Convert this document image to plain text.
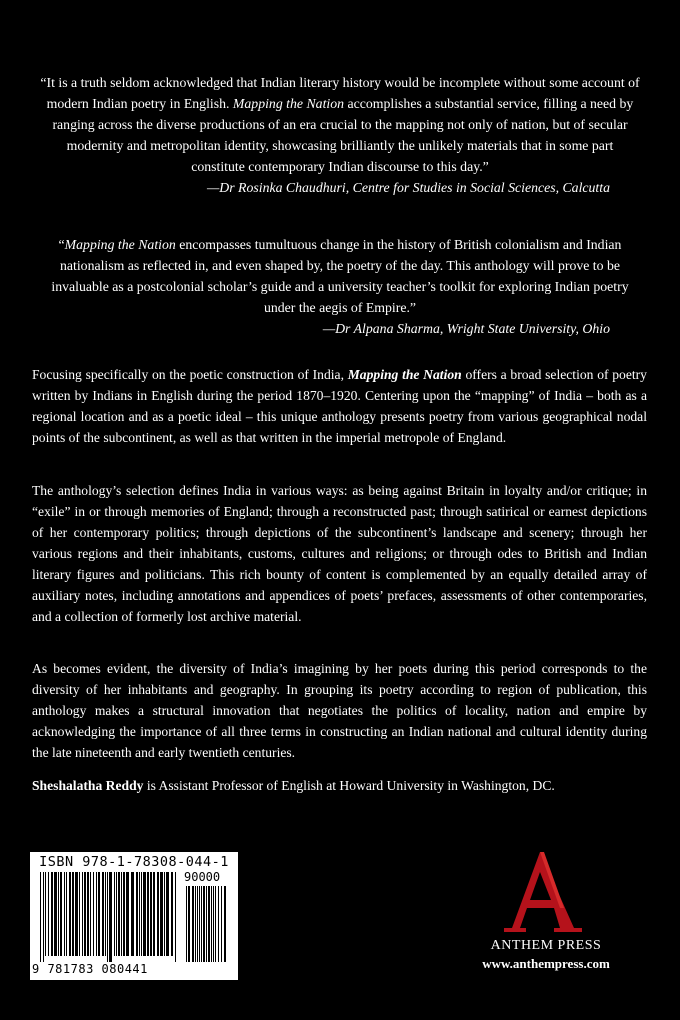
“It is a truth seldom acknowledged that Indian literary history would be incomplete without some account of modern Indian poetry in English. Mapping the Nation accomplishes a substantial service, filling a need by ranging across the diverse productions of an era crucial to the mapping not only of nation, but of secular modernity and metropolitan identity, showcasing brilliantly the unlikely materials that in some part constitute contemporary Indian discourse to this day.”
—Dr Rosinka Chaudhuri, Centre for Studies in Social Sciences, Calcutta
“Mapping the Nation encompasses tumultuous change in the history of British colonialism and Indian nationalism as reflected in, and even shaped by, the poetry of the day. This anthology will prove to be invaluable as a postcolonial scholar’s guide and a university teacher’s toolkit for exploring Indian poetry under the aegis of Empire.”
—Dr Alpana Sharma, Wright State University, Ohio
Focusing specifically on the poetic construction of India, Mapping the Nation offers a broad selection of poetry written by Indians in English during the period 1870–1920. Centering upon the “mapping” of India – both as a regional location and as a poetic ideal – this unique anthology presents poetry from various geographical nodal points of the subcontinent, as well as that written in the imperial metropole of England.
The anthology’s selection defines India in various ways: as being against Britain in loyalty and/or critique; in “exile” in or through memories of England; through a reconstructed past; through satirical or earnest depictions of her contemporary politics; through depictions of the subcontinent’s landscape and scenery; through her various regions and their inhabitants, customs, cultures and religions; or through odes to British and Indian literary figures and politicians. This rich bounty of content is complemented by an equally detailed array of auxiliary notes, including annotations and appendices of poets’ prefaces, assessments of other contemporaries, and a collection of formerly lost archive material.
As becomes evident, the diversity of India’s imagining by her poets during this period corresponds to the diversity of her inhabitants and geography. In grouping its poetry according to region of publication, this anthology makes a structural innovation that negotiates the politics of locality, nation and empire by acknowledging the importance of all three terms in constructing an Indian national and cultural identity during the late nineteenth and early twentieth centuries.
Sheshalatha Reddy is Assistant Professor of English at Howard University in Washington, DC.
ISBN 978-1-78308-044-1
90000
9 781783 080441
ANTHEM PRESS
www.anthempress.com
